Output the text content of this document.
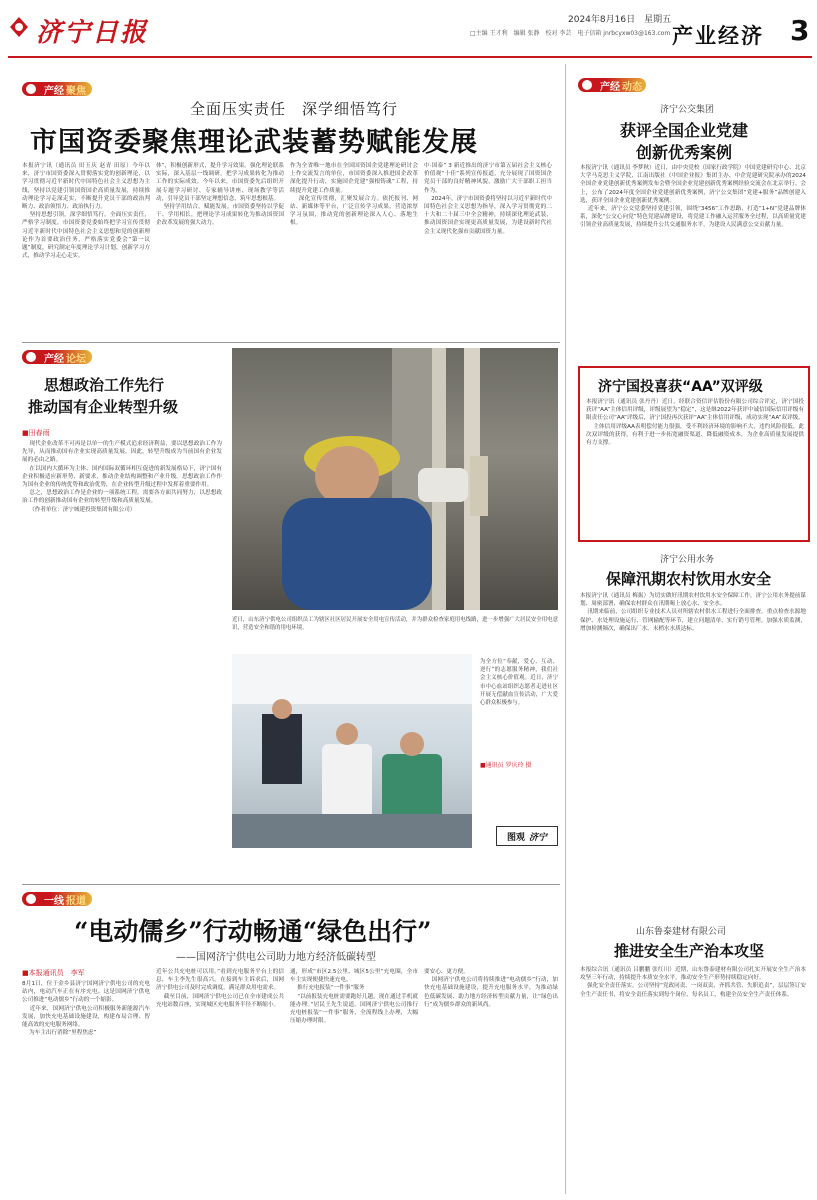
济宁日报	2024年8月16日　星期五
□主编 王才利　编辑 张静　校对 李芸　电子信箱 jnrbcyxw03@163.com 产业经济 3
产经 聚焦
全面压实责任　深学细悟笃行
市国资委聚焦理论武装蓄势赋能发展
本报济宁讯（通讯员 田玉庆 赵青 田原）今年以来，济宁市国资委深入贯彻落实党的创新理论，以学习贯彻习近平新时代中国特色社会主义思想为主线，坚持以党建引领国资国企高质量发展，持续推动理论学习走深走实，不断提升党员干部的政治判断力、政治领悟力、政治执行力。
坚持思想引领，深学细悟笃行。全面压实责任，严格学习制度，市国资委党委始终把学习宣传贯彻习近平新时代中国特色社会主义思想和党的创新理论作为首要政治任务，严格落实党委会“第一议题”制度，研究制定年度理论学习计划，创新学习方式，推动学习走心走实。
体”，积极创新形式，提升学习效果。强化理论联系实际，深入基层一线调研，把学习成果转化为推动工作的实际成效。今年以来，市国资委先后组织开展专题学习研讨、专家辅导讲座、现场教学等活动，引导党员干部坚定理想信念，筑牢思想根基。
坚持学用结合，赋能发展。市国资委坚持以学促干、学用相长，把理论学习成果转化为推动国资国企改革发展的强大动力。
作为全省唯一地市在全国国资国企党建理论研讨会上作交流发言的单位，市国资委深入推进国企改革深化提升行动，实施国企党建“强根铸魂”工程，持续提升党建工作质量。
深化宣传贯彻，汇聚发展合力。依托报刊、网站、新媒体等平台，广泛宣传学习成果，营造浓厚学习氛围，推动党的创新理论深入人心、落地生根。
中·国泰” 3 新近推出的济宁市第五届社会主义核心价值观“十佳”系列宣传报道，充分展现了国资国企党员干部的良好精神风貌，激励广大干部职工担当作为。
2024年，济宁市国资委将坚持以习近平新时代中国特色社会主义思想为指导，深入学习贯彻党的二十大和二十届三中全会精神，持续深化理论武装，推动国资国企实现更高质量发展，为建设新时代社会主义现代化强市贡献国资力量。
产经 动态
济宁公交集团
获评全国企业党建
创新优秀案例
本报济宁讯（通讯员 李梦秋）近日，由中央党校（国家行政学院）中国党建研究中心、北京大学马克思主义学院、江南出版社《中国企业报》集团主办、中企党建研究院承办的2024全国企业党建创新优秀案例发布会暨全国企业党建创新优秀案例经验交流会在北京举行。会上，公布了2024年度全国企业党建创新优秀案例，济宁公交集团“党建+服务”品牌创建入选，获评全国企业党建创新优秀案例。
近年来，济宁公交党委坚持党建引领，围绕“3456”工作思路，打造“1+N”党建品牌体系，深化“公交心向党”特色党建品牌建设，将党建工作融入运营服务全过程，以高质量党建引领企业高质量发展，持续提升公共交通服务水平，为建设人民满意公交贡献力量。
济宁国投喜获“AA”双评级
本报济宁讯（通讯员 张丹丹）近日，经联合资信评估股份有限公司综合评定，济宁国投获评“AA”主体信用评级，评级展望为“稳定”，这是继2022年获评中诚信国际信用评级有限责任公司“AA”评级后，济宁国投再次获评“AA”主体信用评级，成功实现“AA”双评级。
主体信用评级AA表明偿付能力很强，受不利经济环境的影响不大，违约风险很低。此次双评级的获得，有利于进一步拓宽融资渠道、降低融资成本，为企业高质量发展提供有力支撑。
济宁公用水务
保障汛期农村饮用水安全
本报济宁讯（通讯员 梅振）为切实做好汛期农村饮用水安全保障工作，济宁公用水务提前谋划、周密部署，确保农村群众在汛期喝上放心水、安全水。
汛期来临前，公司组织专业技术人员对所辖农村供水工程进行全面排查，重点检查水源地保护、水处理设施运行、管网输配等环节，建立问题清单，实行销号管理。加强水质监测，增加检测频次，确保出厂水、末梢水水质达标。
山东鲁泰建材有限公司
推进安全生产治本攻坚
本报综合讯（通讯员 吕鹏鹏 张红川）近期，山东鲁泰建材有限公司扎实开展安全生产治本攻坚三年行动，持续提升本质安全水平，推动安全生产形势持续稳定向好。
强化安全责任落实。公司坚持“党政同责、一岗双责、齐抓共管、失职追责”，层层签订安全生产责任书，将安全责任落实到每个岗位、每名员工，构建全员安全生产责任体系。
产经 论坛
思想政治工作先行
推动国有企业转型升级
■田春雨
现代企业改革不可再是以单一的生产模式追求经济利益，要以思想政治工作为先导，从而推动国有企业实现高质量发展。因此，转型升级成为当前国有企业发展的必由之路。
在以国内大循环为主体、国内国际双循环相互促进的新发展格局下，济宁国有企业积极适应新形势、新要求，推动企业结构调整和产业升级。思想政治工作作为国有企业的传统优势和政治优势，在企业转型升级过程中发挥着重要作用。
总之，思想政治工作是企业的一项系统工程，需要各方面共同努力，以思想政治工作的创新推动国有企业的转型升级和高质量发展。
（作者单位：济宁城建投资集团有限公司）
近日，山东济宁供电公司组织员工为辖区社区居民开展安全用电宣传活动，并为群众检查家庭用电线路，进一步增强广大居民安全用电意识，营造安全和谐的用电环境。
为全方位“奉献，爱心、互动、逆行”的志愿服务精神，我们社会主义核心价值观。近日，济宁市中心血站组织志愿者走进社区开展无偿献血宣传活动，广大爱心群众积极参与。
■通讯员 罗庆玲 摄
图观 济宁
一线 报道
“电动儒乡”行动畅通“绿色出行”
——国网济宁供电公司助力地方经济低碳转型
■本报通讯员　李军
8月1日，位于金乡县济宁国网济宁供电公司的充电站内，电动汽车正在有序充电。这是国网济宁供电公司推进“电动儒乡”行动的一个缩影。
近年来，国网济宁供电公司积极服务新能源汽车发展，加快充电基础设施建设，构建布局合理、智能高效的充电服务网络。
为车主出行消除“里程焦虑”
近年公共充电桩可以用。”看到充电服务平台上的信息，车主李先生很高兴。在接到车主诉求后，国网济宁供电公司及时完成调度，满足群众用电需求。
截至目前，国网济宁供电公司已在全市建成公共充电站数百座，实现城区充电服务半径不断缩小。
通，形成“市区2.5公里、城区5公里”充电圈，全市车主实现便捷快速充电。
推行充电报装“一件事”服务
“以前报装充电桩需要跑好几趟，现在通过手机就能办理。”居民王先生说道。国网济宁供电公司推行充电桩报装“一件事”服务，全流程线上办理，大幅压缩办理时限。
要安心、更方便。
国网济宁供电公司将持续推进“电动儒乡”行动，加快充电基础设施建设，提升充电服务水平，为推动绿色低碳发展、助力地方经济转型贡献力量，让“绿色出行”成为儒乡群众的新风尚。
